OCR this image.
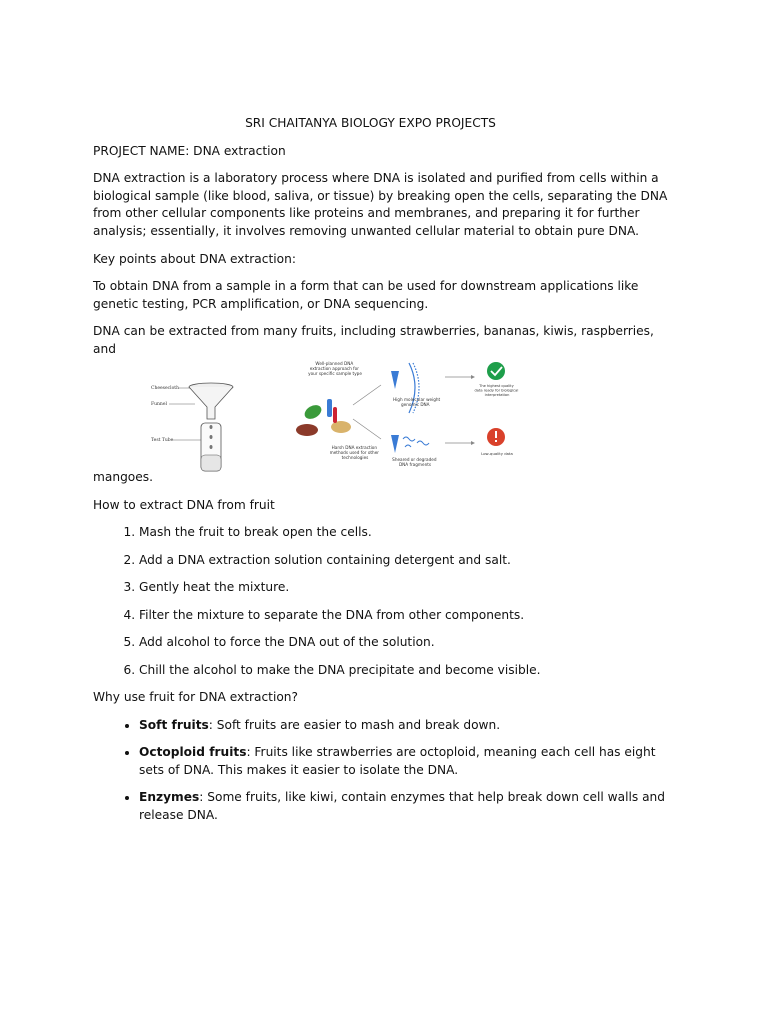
SRI CHAITANYA BIOLOGY EXPO PROJECTS

PROJECT NAME: DNA extraction

DNA extraction is a laboratory process where DNA is isolated and purified from cells within a biological sample (like blood, saliva, or tissue) by breaking open the cells, separating the DNA from other cellular components like proteins and membranes, and preparing it for further analysis; essentially, it involves removing unwanted cellular material to obtain pure DNA.

Key points about DNA extraction:

To obtain DNA from a sample in a form that can be used for downstream applications like genetic testing, PCR amplification, or DNA sequencing.

DNA can be extracted from many fruits, including strawberries, bananas, kiwis, raspberries, and

mangoes.
Cheesecloth
Funnel
Test Tube
Well-planned DNA extraction approach for your specific sample type
High molecular weight genomic DNA
The highest quality data ready for biological interpretation
Harsh DNA extraction methods used for other technologies	Sheared or degraded DNA fragments
Low-quality data

How to extract DNA from fruit

1. Mash the fruit to break open the cells.
2. Add a DNA extraction solution containing detergent and salt.
3. Gently heat the mixture.
4. Filter the mixture to separate the DNA from other components.
5. Add alcohol to force the DNA out of the solution.
6. Chill the alcohol to make the DNA precipitate and become visible.

Why use fruit for DNA extraction?

• Soft fruits: Soft fruits are easier to mash and break down.
• Octoploid fruits: Fruits like strawberries are octoploid, meaning each cell has eight sets of DNA. This makes it easier to isolate the DNA.
• Enzymes: Some fruits, like kiwi, contain enzymes that help break down cell walls and release DNA.
